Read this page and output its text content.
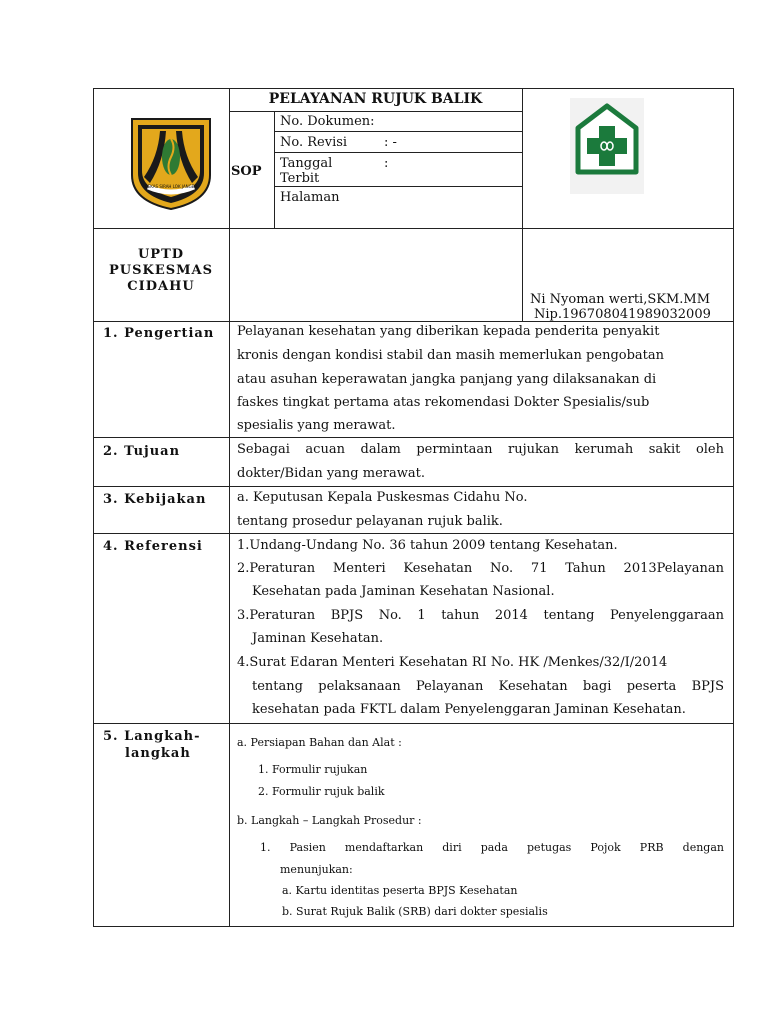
CEKAS SIRAH LOK JANGEB
PELAYANAN RUJUK BALIK
SOP
No. Dokumen:
No. Revisi	: -
Tanggal	:
Terbit
Halaman
UPTD
PUSKESMAS
CIDAHU
Ni Nyoman werti,SKM.MM
Nip.196708041989032009
1. Pengertian Pelayanan kesehatan yang diberikan kepada penderita penyakit
kronis dengan kondisi stabil dan masih memerlukan pengobatan
atau asuhan keperawatan jangka panjang yang dilaksanakan di
faskes tingkat pertama atas rekomendasi Dokter Spesialis/sub
spesialis yang merawat.
2. Tujuan	Sebagai acuan dalam permintaan rujukan kerumah sakit oleh
dokter/Bidan yang merawat.
3. Kebijakan a. Keputusan Kepala Puskesmas Cidahu No.
tentang prosedur pelayanan rujuk balik.
4. Referensi	1.Undang-Undang No. 36 tahun 2009 tentang Kesehatan.
2.Peraturan Menteri Kesehatan No. 71 Tahun 2013Pelayanan
Kesehatan pada Jaminan Kesehatan Nasional.
3.Peraturan BPJS No. 1 tahun 2014 tentang Penyelenggaraan
Jaminan Kesehatan.
4.Surat Edaran Menteri Kesehatan RI No. HK /Menkes/32/I/2014
tentang pelaksanaan Pelayanan Kesehatan bagi peserta BPJS
kesehatan pada FKTL dalam Penyelenggaran Jaminan Kesehatan.
5. Langkah-
langkah
a. Persiapan Bahan dan Alat :
1. Formulir rujukan
2. Formulir rujuk balik
b. Langkah – Langkah Prosedur :
1. Pasien mendaftarkan diri pada petugas Pojok PRB dengan
menunjukan:
a. Kartu identitas peserta BPJS Kesehatan
b. Surat Rujuk Balik (SRB) dari dokter spesialis
